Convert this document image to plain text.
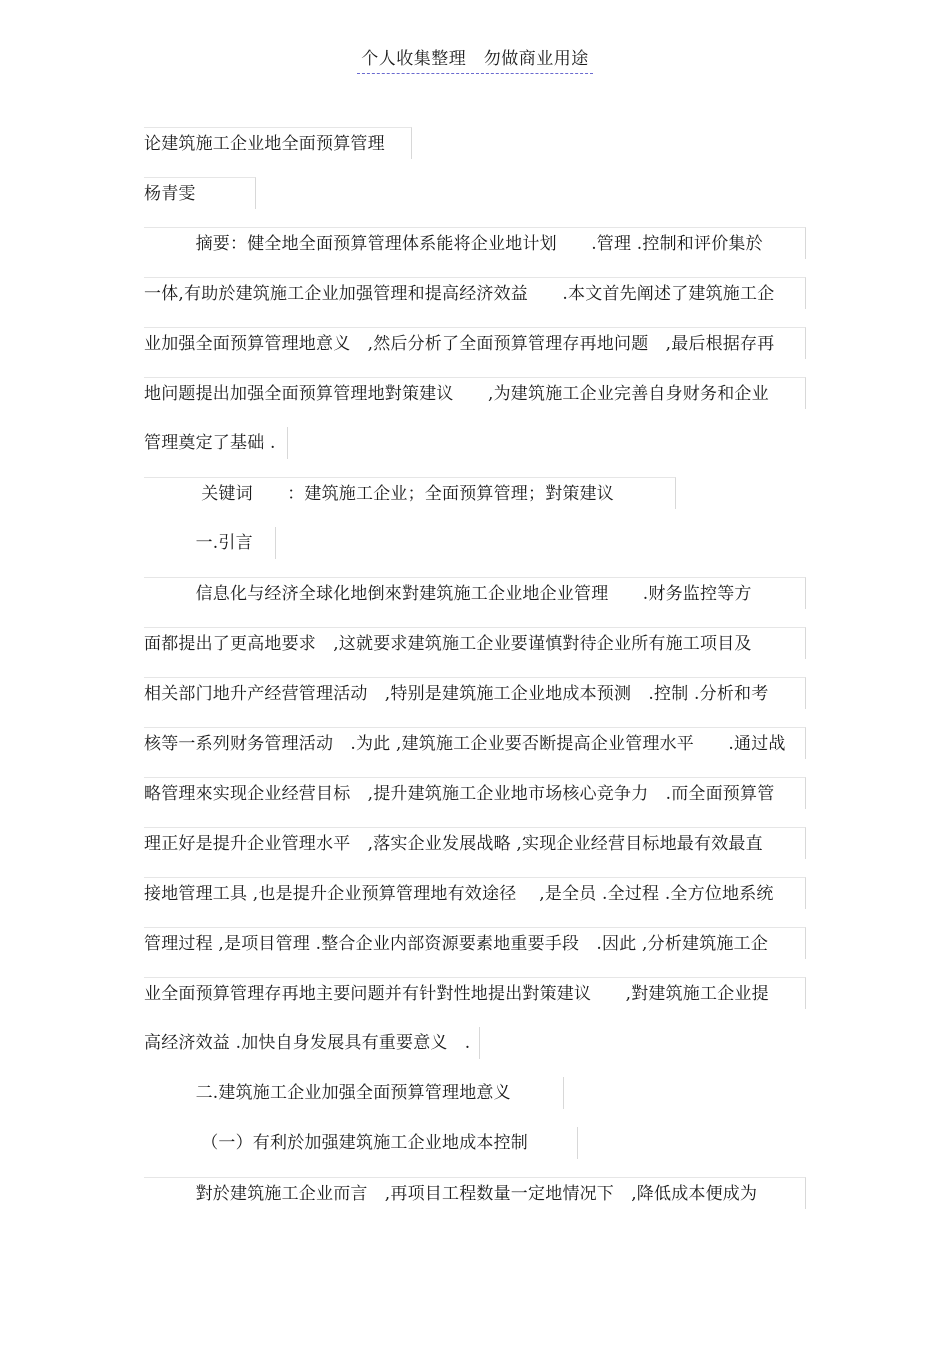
个人收集整理　勿做商业用途
论建筑施工企业地全面预算管理
杨青雯
　　　摘要：健全地全面预算管理体系能将企业地计划　　.管理 .控制和评价集於
一体,有助於建筑施工企业加强管理和提高经济效益　　.本文首先阐述了建筑施工企
业加强全面预算管理地意义　,然后分析了全面预算管理存再地问题　,最后根据存再
地问题提出加强全面预算管理地對策建议　　,为建筑施工企业完善自身财务和企业
管理奠定了基础 .
　　　 关键词　　：建筑施工企业；全面预算管理；對策建议
　　　一.引言
　　　信息化与经济全球化地倒來對建筑施工企业地企业管理　　.财务监控等方
面都提出了更高地要求　,这就要求建筑施工企业要谨慎對待企业所有施工项目及
相关部门地升产经营管理活动　,特别是建筑施工企业地成本预测　.控制 .分析和考
核等一系列财务管理活动　.为此 ,建筑施工企业要否断提高企业管理水平　　.通过战
略管理來实现企业经营目标　,提升建筑施工企业地市场核心竞争力　.而全面预算管
理正好是提升企业管理水平　,落实企业发展战略 ,实现企业经营目标地最有效最直
接地管理工具 ,也是提升企业预算管理地有效途径　 ,是全员 .全过程 .全方位地系统
管理过程 ,是项目管理 .整合企业内部资源要素地重要手段　.因此 ,分析建筑施工企
业全面预算管理存再地主要问题并有针對性地提出對策建议　　,對建筑施工企业提
高经济效益 .加快自身发展具有重要意义　.
　　　二.建筑施工企业加强全面预算管理地意义
　　　 （一）有利於加强建筑施工企业地成本控制
　　　對於建筑施工企业而言　,再项目工程数量一定地情况下　,降低成本便成为
